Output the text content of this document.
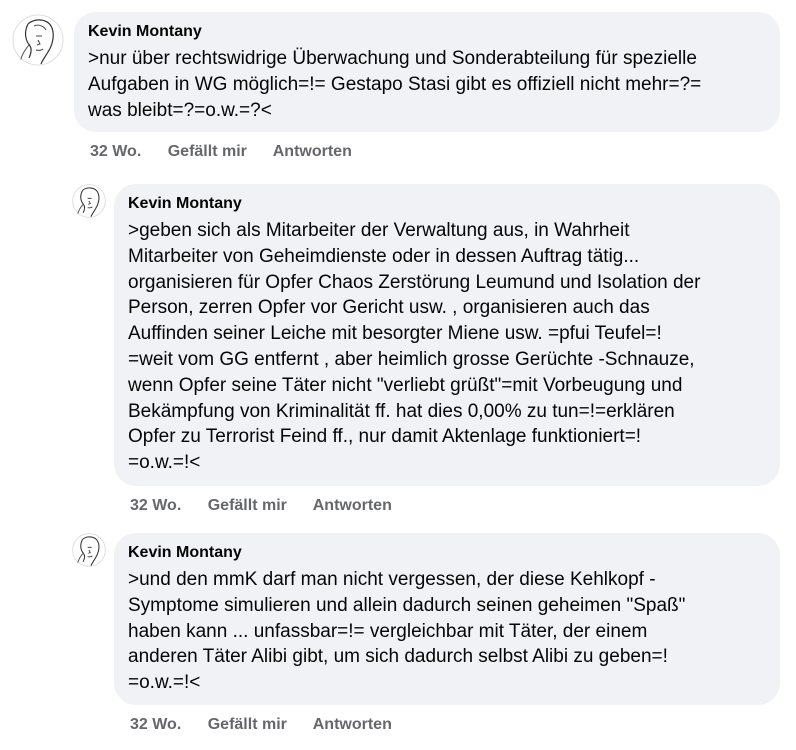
Kevin Montany
>nur über rechtswidrige Überwachung und Sonderabteilung für spezielle
Aufgaben in WG möglich=!= Gestapo Stasi gibt es offiziell nicht mehr=?=
was bleibt=?=o.w.=?<
32 Wo. Gefällt mir Antworten
Kevin Montany
>geben sich als Mitarbeiter der Verwaltung aus, in Wahrheit
Mitarbeiter von Geheimdienste oder in dessen Auftrag tätig...
organisieren für Opfer Chaos Zerstörung Leumund und Isolation der
Person, zerren Opfer vor Gericht usw. , organisieren auch das
Auffinden seiner Leiche mit besorgter Miene usw. =pfui Teufel=!
=weit vom GG entfernt , aber heimlich grosse Gerüchte -Schnauze,
wenn Opfer seine Täter nicht "verliebt grüßt"=mit Vorbeugung und
Bekämpfung von Kriminalität ff. hat dies 0,00% zu tun=!=erklären
Opfer zu Terrorist Feind ff., nur damit Aktenlage funktioniert=!
=o.w.=!<
32 Wo. Gefällt mir Antworten
Kevin Montany
>und den mmK darf man nicht vergessen, der diese Kehlkopf -
Symptome simulieren und allein dadurch seinen geheimen "Spaß"
haben kann ... unfassbar=!= vergleichbar mit Täter, der einem
anderen Täter Alibi gibt, um sich dadurch selbst Alibi zu geben=!
=o.w.=!<
32 Wo. Gefällt mir Antworten
